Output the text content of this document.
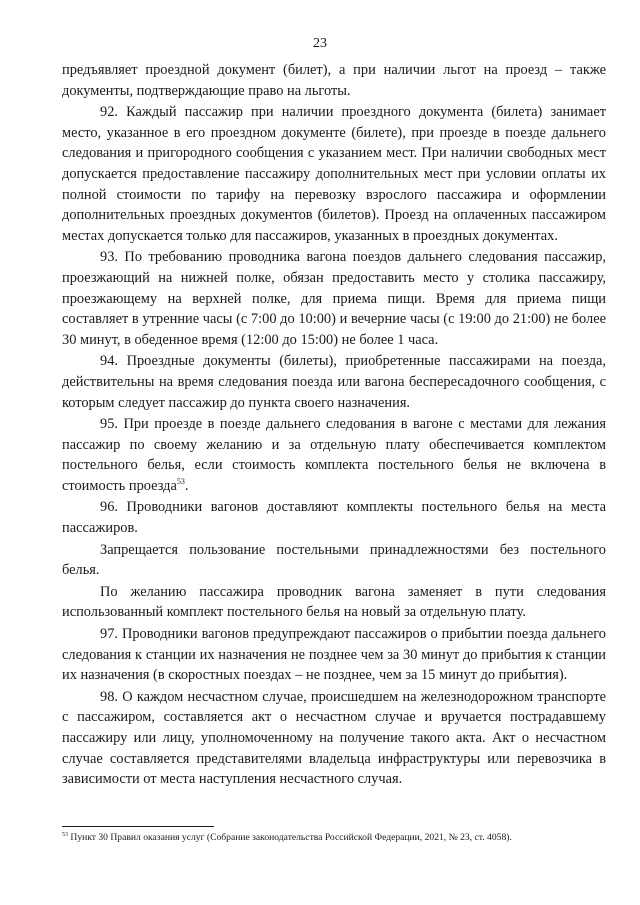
23

предъявляет проездной документ (билет), а при наличии льгот на проезд – также документы, подтверждающие право на льготы.

92. Каждый пассажир при наличии проездного документа (билета) занимает место, указанное в его проездном документе (билете), при проезде в поезде дальнего следования и пригородного сообщения с указанием мест. При наличии свободных мест допускается предоставление пассажиру дополнительных мест при условии оплаты их полной стоимости по тарифу на перевозку взрослого пассажира и оформлении дополнительных проездных документов (билетов). Проезд на оплаченных пассажиром местах допускается только для пассажиров, указанных в проездных документах.

93. По требованию проводника вагона поездов дальнего следования пассажир, проезжающий на нижней полке, обязан предоставить место у столика пассажиру, проезжающему на верхней полке, для приема пищи. Время для приема пищи составляет в утренние часы (с 7:00 до 10:00) и вечерние часы (с 19:00 до 21:00) не более 30 минут, в обеденное время (12:00 до 15:00) не более 1 часа.

94. Проездные документы (билеты), приобретенные пассажирами на поезда, действительны на время следования поезда или вагона беспересадочного сообщения, с которым следует пассажир до пункта своего назначения.

95. При проезде в поезде дальнего следования в вагоне с местами для лежания пассажир по своему желанию и за отдельную плату обеспечивается комплектом постельного белья, если стоимость комплекта постельного белья не включена в стоимость проезда$^{53}$.

96. Проводники вагонов доставляют комплекты постельного белья на места пассажиров.

Запрещается пользование постельными принадлежностями без постельного белья.

По желанию пассажира проводник вагона заменяет в пути следования использованный комплект постельного белья на новый за отдельную плату.

97. Проводники вагонов предупреждают пассажиров о прибытии поезда дальнего следования к станции их назначения не позднее чем за 30 минут до прибытия к станции их назначения (в скоростных поездах – не позднее, чем за 15 минут до прибытия).

98. О каждом несчастном случае, происшедшем на железнодорожном транспорте с пассажиром, составляется акт о несчастном случае и вручается пострадавшему пассажиру или лицу, уполномоченному на получение такого акта. Акт о несчастном случае составляется представителями владельца инфраструктуры или перевозчика в зависимости от места наступления несчастного случая.

$^{53}$ Пункт 30 Правил оказания услуг (Собрание законодательства Российской Федерации, 2021, № 23, ст. 4058).
